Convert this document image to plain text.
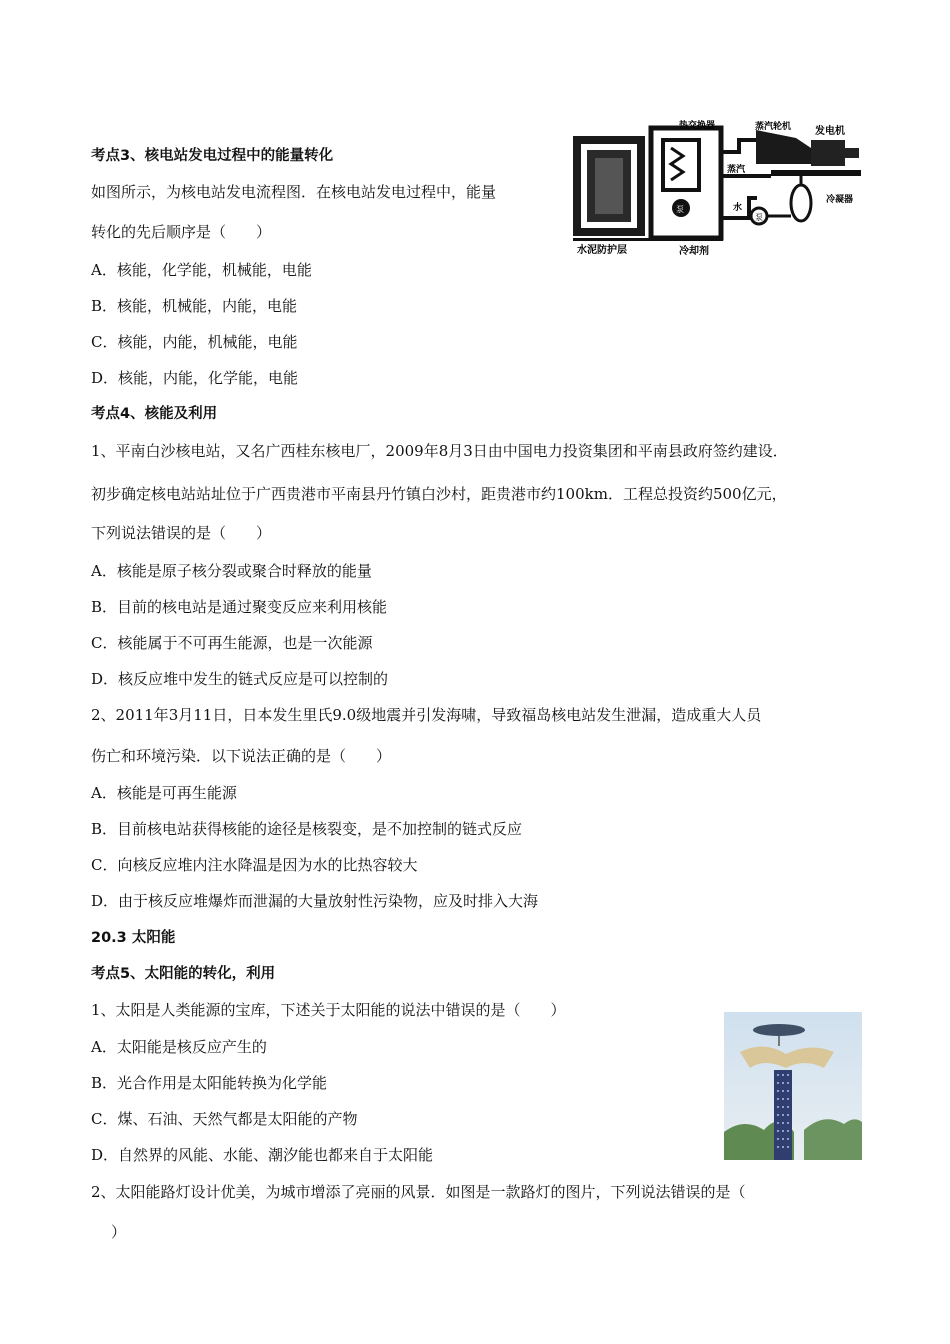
考点3、核电站发电过程中的能量转化
如图所示，为核电站发电流程图．在核电站发电过程中，能量
转化的先后顺序是（　　）
A．核能，化学能，机械能，电能
B．核能，机械能，内能，电能
C．核能，内能，机械能，电能
D．核能，内能，化学能，电能
热交换器	蒸汽轮机 发电机
蒸汽
冷凝器
泵
泵
水
水泥防护层	冷却剂
考点4、核能及利用
1、平南白沙核电站，又名广西桂东核电厂，2009年8月3日由中国电力投资集团和平南县政府签约建设．
初步确定核电站站址位于广西贵港市平南县丹竹镇白沙村，距贵港市约100km．工程总投资约500亿元，
下列说法错误的是（　　）
A．核能是原子核分裂或聚合时释放的能量
B．目前的核电站是通过聚变反应来利用核能
C．核能属于不可再生能源，也是一次能源
D．核反应堆中发生的链式反应是可以控制的
2、2011年3月11日，日本发生里氏9.0级地震并引发海啸，导致福岛核电站发生泄漏，造成重大人员
伤亡和环境污染．以下说法正确的是（　　）
A．核能是可再生能源
B．目前核电站获得核能的途径是核裂变，是不加控制的链式反应
C．向核反应堆内注水降温是因为水的比热容较大
D．由于核反应堆爆炸而泄漏的大量放射性污染物，应及时排入大海
20.3 太阳能
考点5、太阳能的转化，利用
1、太阳是人类能源的宝库，下述关于太阳能的说法中错误的是（　　）
A．太阳能是核反应产生的
B．光合作用是太阳能转换为化学能
C．煤、石油、天然气都是太阳能的产物
D．自然界的风能、水能、潮汐能也都来自于太阳能
2、太阳能路灯设计优美，为城市增添了亮丽的风景．如图是一款路灯的图片，下列说法错误的是（
　）
